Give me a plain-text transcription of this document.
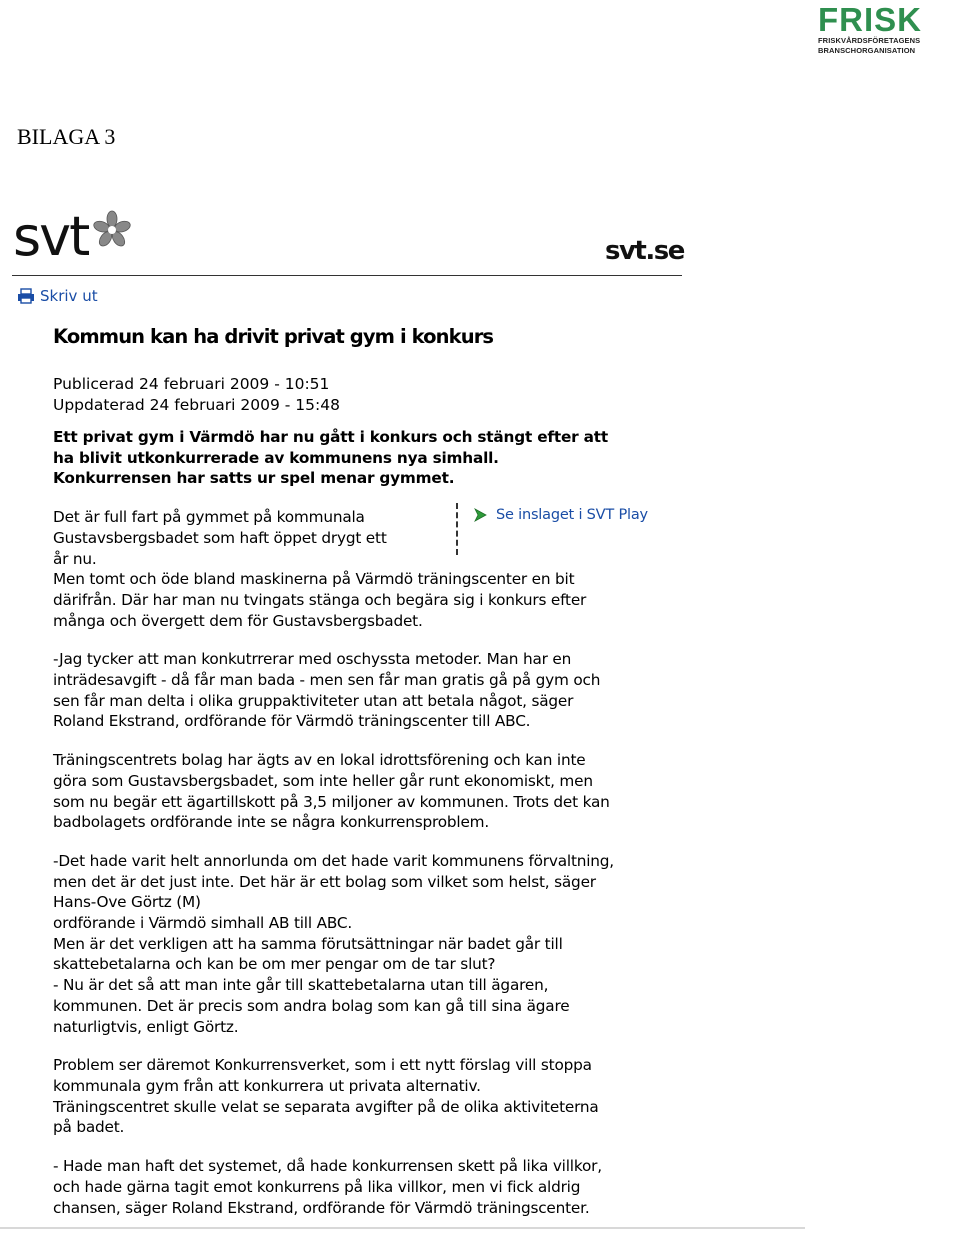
FRISK
FRISKVÅRDSFÖRETAGENS
BRANSCHORGANISATION
BILAGA 3
svt	svt.se
Skriv ut
Kommun kan ha drivit privat gym i konkurs
Publicerad 24 februari 2009 - 10:51
Uppdaterad 24 februari 2009 - 15:48
Ett privat gym i Värmdö har nu gått i konkurs och stängt efter att
ha blivit utkonkurrerade av kommunens nya simhall.
Konkurrensen har satts ur spel menar gymmet.
Se inslaget i SVT Play
Det är full fart på gymmet på kommunala
Gustavsbergsbadet som haft öppet drygt ett
år nu.
Men tomt och öde bland maskinerna på Värmdö träningscenter en bit
därifrån. Där har man nu tvingats stänga och begära sig i konkurs efter
många och övergett dem för Gustavsbergsbadet.
-Jag tycker att man konkutrrerar med oschyssta metoder. Man har en
inträdesavgift - då får man bada - men sen får man gratis gå på gym och
sen får man delta i olika gruppaktiviteter utan att betala något, säger
Roland Ekstrand, ordförande för Värmdö träningscenter till ABC.
Träningscentrets bolag har ägts av en lokal idrottsförening och kan inte
göra som Gustavsbergsbadet, som inte heller går runt ekonomiskt, men
som nu begär ett ägartillskott på 3,5 miljoner av kommunen. Trots det kan
badbolagets ordförande inte se några konkurrensproblem.
-Det hade varit helt annorlunda om det hade varit kommunens förvaltning,
men det är det just inte. Det här är ett bolag som vilket som helst, säger
Hans-Ove Görtz (M)
ordförande i Värmdö simhall AB till ABC.
Men är det verkligen att ha samma förutsättningar när badet går till
skattebetalarna och kan be om mer pengar om de tar slut?
- Nu är det så att man inte går till skattebetalarna utan till ägaren,
kommunen. Det är precis som andra bolag som kan gå till sina ägare
naturligtvis, enligt Görtz.
Problem ser däremot Konkurrensverket, som i ett nytt förslag vill stoppa
kommunala gym från att konkurrera ut privata alternativ.
Träningscentret skulle velat se separata avgifter på de olika aktiviteterna
på badet.
- Hade man haft det systemet, då hade konkurrensen skett på lika villkor,
och hade gärna tagit emot konkurrens på lika villkor, men vi fick aldrig
chansen, säger Roland Ekstrand, ordförande för Värmdö träningscenter.
